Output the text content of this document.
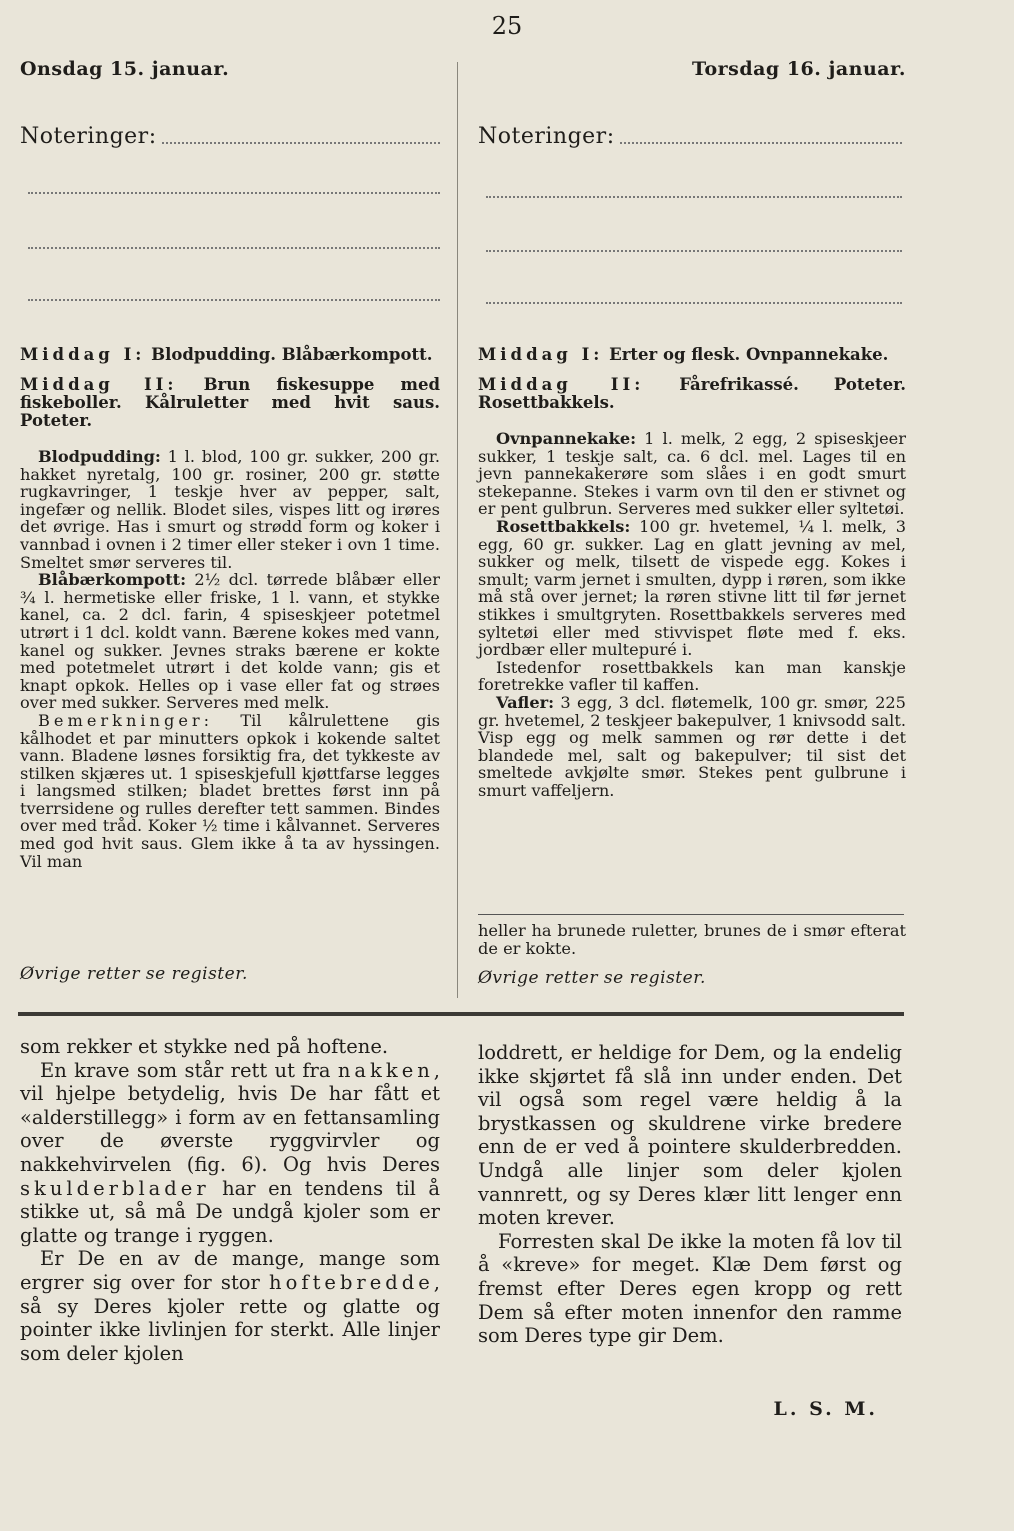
25
Onsdag 15. januar.	Torsdag 16. januar.
Noteringer:	Noteringer:

Middag I: Blodpudding. Blåbærkompott.

Middag II: Brun fiskesuppe med fiskeboller. Kålruletter med hvit saus. Poteter.

Blodpudding: 1 l. blod, 100 gr. sukker, 200 gr. hakket nyretalg, 100 gr. rosiner, 200 gr. støtte rugkavringer, 1 teskje hver av pepper, salt, ingefær og nellik. Blodet siles, vispes litt og irøres det øvrige. Has i smurt og strødd form og koker i vannbad i ovnen i 2 timer eller steker i ovn 1 time. Smeltet smør serveres til.

Blåbærkompott: 2½ dcl. tørrede blåbær eller ¾ l. hermetiske eller friske, 1 l. vann, et stykke kanel, ca. 2 dcl. farin, 4 spiseskjeer potetmel utrørt i 1 dcl. koldt vann. Bærene kokes med vann, kanel og sukker. Jevnes straks bærene er kokte med potetmelet utrørt i det kolde vann; gis et knapt opkok. Helles op i vase eller fat og strøes over med sukker. Serveres med melk.

Bemerkninger: Til kålrulettene gis kålhodet et par minutters opkok i kokende saltet vann. Bladene løsnes forsiktig fra, det tykkeste av stilken skjæres ut. 1 spiseskjefull kjøttfarse legges i langsmed stilken; bladet brettes først inn på tverrsidene og rulles derefter tett sammen. Bindes over med tråd. Koker ½ time i kålvannet. Serveres med god hvit saus. Glem ikke å ta av hyssingen. Vil man

Øvrige retter se register.

Middag I: Erter og flesk. Ovnpannekake.

Middag II: Fårefrikassé. Poteter. Rosettbakkels.

Ovnpannekake: 1 l. melk, 2 egg, 2 spiseskjeer sukker, 1 teskje salt, ca. 6 dcl. mel. Lages til en jevn pannekakerøre som slåes i en godt smurt stekepanne. Stekes i varm ovn til den er stivnet og er pent gulbrun. Serveres med sukker eller syltetøi.

Rosettbakkels: 100 gr. hvetemel, ¼ l. melk, 3 egg, 60 gr. sukker. Lag en glatt jevning av mel, sukker og melk, tilsett de vispede egg. Kokes i smult; varm jernet i smulten, dypp i røren, som ikke må stå over jernet; la røren stivne litt til før jernet stikkes i smultgryten. Rosettbakkels serveres med syltetøi eller med stivvispet fløte med f. eks. jordbær eller multepuré i.

Istedenfor rosettbakkels kan man kanskje foretrekke vafler til kaffen.

Vafler: 3 egg, 3 dcl. fløtemelk, 100 gr. smør, 225 gr. hvetemel, 2 teskjeer bakepulver, 1 knivsodd salt. Visp egg og melk sammen og rør dette i det blandede mel, salt og bakepulver; til sist det smeltede avkjølte smør. Stekes pent gulbrune i smurt vaffeljern.

heller ha brunede ruletter, brunes de i smør efterat de er kokte.
Øvrige retter se register.

som rekker et stykke ned på hoftene.

En krave som står rett ut fra nakken, vil hjelpe betydelig, hvis De har fått et «alderstillegg» i form av en fettansamling over de øverste ryggvirvler og nakkehvirvelen (fig. 6). Og hvis Deres skulderblader har en tendens til å stikke ut, så må De undgå kjoler som er glatte og trange i ryggen.

Er De en av de mange, mange som ergrer sig over for stor hoftebredde, så sy Deres kjoler rette og glatte og pointer ikke livlinjen for sterkt. Alle linjer som deler kjolen

loddrett, er heldige for Dem, og la endelig ikke skjørtet få slå inn under enden. Det vil også som regel være heldig å la brystkassen og skuldrene virke bredere enn de er ved å pointere skulderbredden. Undgå alle linjer som deler kjolen vannrett, og sy Deres klær litt lenger enn moten krever.

Forresten skal De ikke la moten få lov til å «kreve» for meget. Klæ Dem først og fremst efter Deres egen kropp og rett Dem så efter moten innenfor den ramme som Deres type gir Dem.

L. S. M.
